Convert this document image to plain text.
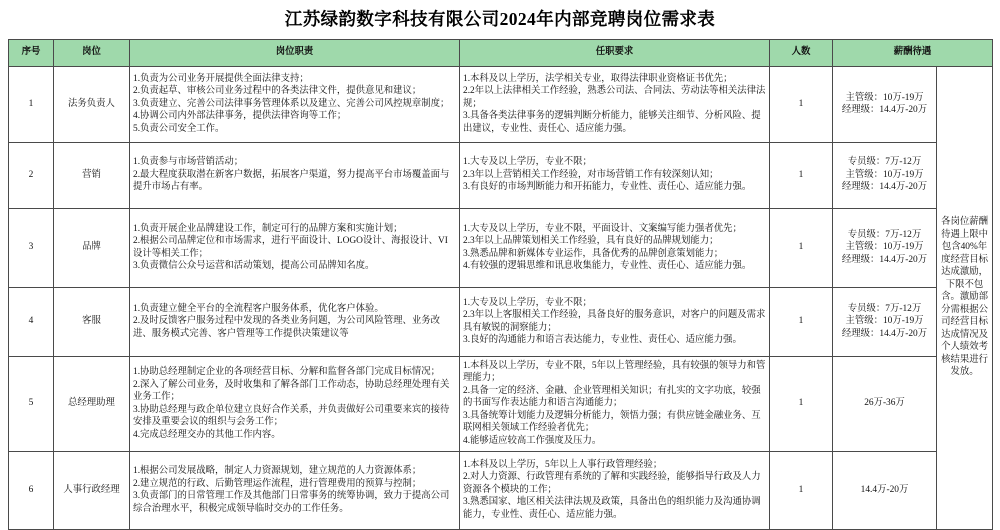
江苏绿韵数字科技有限公司2024年内部竞聘岗位需求表
序号	岗位	岗位职责	任职要求	人数	薪酬待遇	
1	法务负责人	1.负责为公司业务开展提供全面法律支持；
2.负责起草、审核公司业务过程中的各类法律文件，提供意见和建议；
3.负责建立、完善公司法律事务管理体系以及建立、完善公司风控规章制度；
4.协调公司内外部法律事务，提供法律咨询等工作；
5.负责公司安全工作。	1.本科及以上学历，法学相关专业，取得法律职业资格证书优先；
2.2年以上法律相关工作经验，熟悉公司法、合同法、劳动法等相关法律法规；
3.具备各类法律事务的逻辑判断分析能力，能够关注细节、分析风险、提出建议，专业性、责任心、适应能力强。	1	主管级：10万-19万
经理级：14.4万-20万	各岗位薪酬待遇上限中包含40%年度经营目标达成激励，下限不包含。激励部分需根据公司经营目标达成情况及个人绩效考核结果进行发放。
2	营销	1.负责参与市场营销活动；
2.最大程度获取潜在新客户数据，拓展客户渠道，努力提高平台市场覆盖面与提升市场占有率。	1.大专及以上学历，专业不限；
2.3年以上营销相关工作经验，对市场营销工作有较深刻认知；
3.有良好的市场判断能力和开拓能力，专业性、责任心、适应能力强。	1	专员级：7万-12万
主管级：10万-19万
经理级：14.4万-20万	

3	品牌	1.负责开展企业品牌建设工作，制定可行的品牌方案和实施计划；
2.根据公司品牌定位和市场需求，进行平面设计、LOGO设计、海报设计、VI设计等相关工作；
3.负责微信公众号运营和活动策划，提高公司品牌知名度。	1.大专及以上学历，专业不限，平面设计、文案编写能力强者优先；
2.3年以上品牌策划相关工作经验，具有良好的品牌规划能力；
3.熟悉品牌和新媒体专业运作，具备优秀的品牌创意策划能力；
4.有较强的逻辑思维和讯息收集能力，专业性、责任心、适应能力强。	1	专员级：7万-12万
主管级：10万-19万
经理级：14.4万-20万	

4	客服	1.负责建立健全平台的全流程客户服务体系，优化客户体验。
2.及时反馈客户服务过程中发现的各类业务问题，为公司风险管理、业务改进、服务模式完善、客户管理等工作提供决策建议等	1.大专及以上学历，专业不限；
2.3年以上客服相关工作经验，具备良好的服务意识，对客户的问题及需求具有敏锐的洞察能力；
3.良好的沟通能力和语言表达能力，专业性、责任心、适应能力强。	1	专员级：7万-12万
主管级：10万-19万
经理级：14.4万-20万	

5	总经理助理	1.协助总经理制定企业的各项经营目标、分解和监督各部门完成目标情况；
2.深入了解公司业务，及时收集和了解各部门工作动态，协助总经理处理有关业务工作；
3.协助总经理与政企单位建立良好合作关系，并负责做好公司重要来宾的接待安排及重要会议的组织与会务工作；
4.完成总经理交办的其他工作内容。	1.本科及以上学历，专业不限，5年以上管理经验，具有较强的领导力和管理能力；
2.具备一定的经济、金融、企业管理相关知识；有扎实的文字功底，较强的书面写作表达能力和语言沟通能力；
3.具备统筹计划能力及逻辑分析能力，领悟力强；有供应链金融业务、互联网相关领域工作经验者优先；
4.能够适应较高工作强度及压力。	1	26万-36万	

6	人事行政经理	1.根据公司发展战略，制定人力资源规划，建立规范的人力资源体系；
2.建立规范的行政、后勤管理运作流程，进行管理费用的预算与控制；
3.负责部门的日常管理工作及其他部门日常事务的统筹协调，致力于提高公司综合治理水平，积极完成领导临时交办的工作任务。	1.本科及以上学历，5年以上人事行政管理经验；
2.对人力资源、行政管理有系统的了解和实践经验，能够指导行政及人力资源各个模块的工作；
3.熟悉国家、地区相关法律法规及政策，具备出色的组织能力及沟通协调能力，专业性、责任心、适应能力强。	1	14.4万-20万	
